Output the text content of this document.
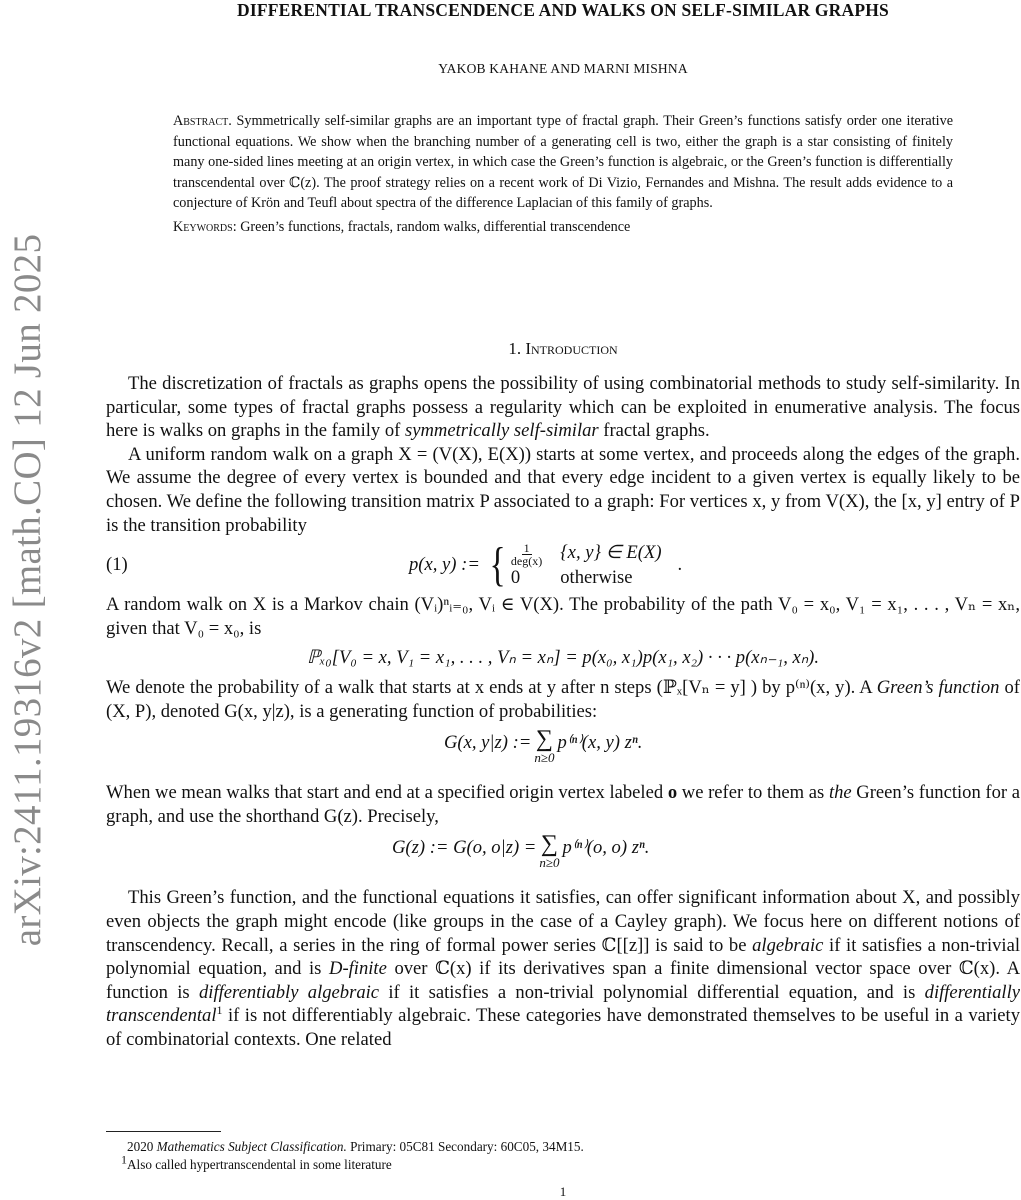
arXiv:2411.19316v2 [math.CO] 12 Jun 2025
DIFFERENTIAL TRANSCENDENCE AND WALKS ON SELF-SIMILAR GRAPHS
YAKOB KAHANE AND MARNI MISHNA

Abstract. Symmetrically self-similar graphs are an important type of fractal graph. Their Green’s functions satisfy order one iterative functional equations. We show when the branching number of a generating cell is two, either the graph is a star consisting of finitely many one-sided lines meeting at an origin vertex, in which case the Green’s function is algebraic, or the Green’s function is differentially transcendental over ℂ(z). The proof strategy relies on a recent work of Di Vizio, Fernandes and Mishna. The result adds evidence to a conjecture of Krön and Teufl about spectra of the difference Laplacian of this family of graphs.

Keywords: Green’s functions, fractals, random walks, differential transcendence

1. Introduction

The discretization of fractals as graphs opens the possibility of using combinatorial methods to study self-similarity. In particular, some types of fractal graphs possess a regularity which can be exploited in enumerative analysis. The focus here is walks on graphs in the family of symmetrically self-similar fractal graphs.

A uniform random walk on a graph X = (V(X), E(X)) starts at some vertex, and proceeds along the edges of the graph. We assume the degree of every vertex is bounded and that every edge incident to a given vertex is equally likely to be chosen. We define the following transition matrix P associated to a graph: For vertices x, y from V(X), the [x, y] entry of P is the transition probability

(1)	p(x, y) := { $\frac{1}{\text{deg(x)}} \{x$, y} ∈ E(X)
0	otherwise
.

A random walk on X is a Markov chain (Vᵢ)ⁿᵢ₌₀, Vᵢ ∈ V(X). The probability of the path V₀ = x₀, V₁ = x₁, . . . , Vₙ = xₙ, given that V₀ = x₀, is

ℙₓ₀[V₀ = x, V₁ = x₁, . . . , Vₙ = xₙ] = p(x₀, x₁)p(x₁, x₂) · · · p(xₙ₋₁, xₙ).

We denote the probability of a walk that starts at x ends at y after n steps (ℙₓ[Vₙ = y] ) by p⁽ⁿ⁾(x, y). A Green’s function of (X, P), denoted G(x, y|z), is a generating function of probabilities:

G(x, y|z) := ∑
n≥0
p⁽ⁿ⁾(x, y) zⁿ.

When we mean walks that start and end at a specified origin vertex labeled o we refer to them as the Green’s function for a graph, and use the shorthand G(z). Precisely,

G(z) := G(o, o|z) = ∑
n≥0
p⁽ⁿ⁾(o, o) zⁿ.

This Green’s function, and the functional equations it satisfies, can offer significant information about X, and possibly even objects the graph might encode (like groups in the case of a Cayley graph). We focus here on different notions of transcendency. Recall, a series in the ring of formal power series ℂ[[z]] is said to be algebraic if it satisfies a non-trivial polynomial equation, and is D-finite over ℂ(x) if its derivatives span a finite dimensional vector space over ℂ(x). A function is differentiably algebraic if it satisfies a non-trivial polynomial differential equation, and is differentially transcendental$^1$ if is not differentiably algebraic. These categories have demonstrated themselves to be useful in a variety of combinatorial contexts. One related

2020 Mathematics Subject Classification. Primary: 05C81 Secondary: 60C05, 34M15.

$^1$Also called hypertranscendental in some literature

1
